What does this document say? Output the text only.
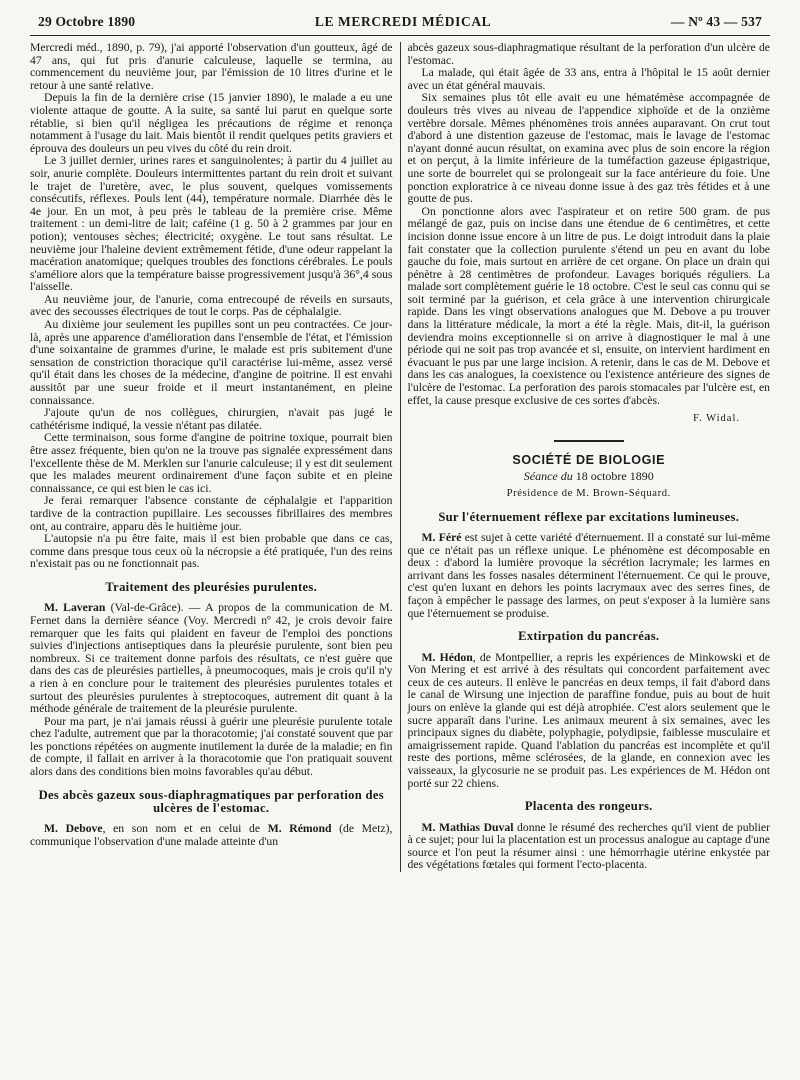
29 Octobre 1890	LE MERCREDI MÉDICAL	— Nº 43 — 537

Mercredi méd., 1890, p. 79), j'ai apporté l'observation d'un goutteux, âgé de 47 ans, qui fut pris d'anurie calculeuse, laquelle se termina, au commencement du neuvième jour, par l'émission de 10 litres d'urine et le retour à une santé relative.

Depuis la fin de la dernière crise (15 janvier 1890), le malade a eu une violente attaque de goutte. A la suite, sa santé lui parut en quelque sorte rétablie, si bien qu'il négligea les précautions de régime et renonça notamment à l'usage du lait. Mais bientôt il rendit quelques petits graviers et éprouva des douleurs un peu vives du côté du rein droit.

Le 3 juillet dernier, urines rares et sanguinolentes; à partir du 4 juillet au soir, anurie complète. Douleurs intermittentes partant du rein droit et suivant le trajet de l'uretère, avec, le plus souvent, quelques vomissements consécutifs, réflexes. Pouls lent (44), température normale. Diarrhée dès le 4e jour. En un mot, à peu près le tableau de la première crise. Même traitement : un demi-litre de lait; caféine (1 g. 50 à 2 grammes par jour en potion); ventouses sèches; électricité; oxygène. Le tout sans résultat. Le neuvième jour l'haleine devient extrêmement fétide, d'une odeur rappelant la macération anatomique; quelques troubles des fonctions cérébrales. Le pouls s'améliore alors que la température baisse progressivement jusqu'à 36°,4 sous l'aisselle.

Au neuvième jour, de l'anurie, coma entrecoupé de réveils en sursauts, avec des secousses électriques de tout le corps. Pas de céphalalgie.

Au dixième jour seulement les pupilles sont un peu contractées. Ce jour-là, après une apparence d'amélioration dans l'ensemble de l'état, et l'émission d'une soixantaine de grammes d'urine, le malade est pris subitement d'une sensation de constriction thoracique qu'il caractérise lui-même, assez versé qu'il était dans les choses de la médecine, d'angine de poitrine. Il est envahi aussitôt par une sueur froide et il meurt instantanément, en pleine connaissance.

J'ajoute qu'un de nos collègues, chirurgien, n'avait pas jugé le cathétérisme indiqué, la vessie n'étant pas dilatée.

Cette terminaison, sous forme d'angine de poitrine toxique, pourrait bien être assez fréquente, bien qu'on ne la trouve pas signalée expressément dans l'excellente thèse de M. Merklen sur l'anurie calculeuse; il y est dit seulement que les malades meurent ordinairement d'une façon subite et en pleine connaissance, ce qui est bien le cas ici.

Je ferai remarquer l'absence constante de céphalalgie et l'apparition tardive de la contraction pupillaire. Les secousses fibrillaires des membres ont, au contraire, apparu dès le huitième jour.

L'autopsie n'a pu être faite, mais il est bien probable que dans ce cas, comme dans presque tous ceux où la nécropsie a été pratiquée, l'un des reins n'existait pas ou ne fonctionnait pas.

Traitement des pleurésies purulentes.

M. Laveran (Val-de-Grâce). — A propos de la communication de M. Fernet dans la dernière séance (Voy. Mercredi nº 42, je crois devoir faire remarquer que les faits qui plaident en faveur de l'emploi des ponctions suivies d'injections antiseptiques dans la pleurésie purulente, sont bien peu nombreux. Si ce traitement donne parfois des résultats, ce n'est guère que dans des cas de pleurésies partielles, à pneumocoques, mais je crois qu'il n'y a rien à en conclure pour le traitement des pleurésies purulentes totales et surtout des pleurésies purulentes à streptocoques, autrement dit quant à la méthode générale de traitement de la pleurésie purulente.

Pour ma part, je n'ai jamais réussi à guérir une pleurésie purulente totale chez l'adulte, autrement que par la thoracotomie; j'ai constaté souvent que par les ponctions répétées on augmente inutilement la durée de la maladie; en fin de compte, il fallait en arriver à la thoracotomie que l'on pratiquait souvent alors dans des conditions bien moins favorables qu'au début.

Des abcès gazeux sous-diaphragmatiques par perforation des ulcères de l'estomac.

M. Debove, en son nom et en celui de M. Rémond (de Metz), communique l'observation d'une malade atteinte d'un

abcès gazeux sous-diaphragmatique résultant de la perforation d'un ulcère de l'estomac.

La malade, qui était âgée de 33 ans, entra à l'hôpital le 15 août dernier avec un état général mauvais.

Six semaines plus tôt elle avait eu une hématémèse accompagnée de douleurs très vives au niveau de l'appendice xiphoïde et de la onzième vertèbre dorsale. Mêmes phénomènes trois années auparavant. On crut tout d'abord à une distention gazeuse de l'estomac, mais le lavage de l'estomac n'ayant donné aucun résultat, on examina avec plus de soin encore la région et on perçut, à la limite inférieure de la tuméfaction gazeuse épigastrique, une sorte de bourrelet qui se prolongeait sur la face antérieure du foie. Une ponction exploratrice à ce niveau donne issue à des gaz très fétides et à une goutte de pus.

On ponctionne alors avec l'aspirateur et on retire 500 gram. de pus mélangé de gaz, puis on incise dans une étendue de 6 centimètres, et cette incision donne issue encore à un litre de pus. Le doigt introduit dans la plaie fait constater que la collection purulente s'étend un peu en avant du lobe gauche du foie, mais surtout en arrière de cet organe. On place un drain qui pénètre à 28 centimètres de profondeur. Lavages boriqués réguliers. La malade sort complètement guérie le 18 octobre. C'est le seul cas connu qui se soit terminé par la guérison, et cela grâce à une intervention chirurgicale rapide. Dans les vingt observations analogues que M. Debove a pu trouver dans la littérature médicale, la mort a été la règle. Mais, dit-il, la guérison deviendra moins exceptionnelle si on arrive à diagnostiquer le mal à une période qui ne soit pas trop avancée et si, ensuite, on intervient hardiment en évacuant le pus par une large incision. A retenir, dans le cas de M. Debove et dans les cas analogues, la coexistence ou l'existence antérieure des signes de l'ulcère de l'estomac. La perforation des parois stomacales par l'ulcère est, en effet, la cause presque exclusive de ces sortes d'abcès.

F. Widal.
SOCIÉTÉ DE BIOLOGIE
Séance du 18 octobre 1890
Présidence de M. Brown-Séquard.
Sur l'éternuement réflexe par excitations lumineuses.

M. Féré est sujet à cette variété d'éternuement. Il a constaté sur lui-même que ce n'était pas un réflexe unique. Le phénomène est décomposable en deux : d'abord la lumière provoque la sécrétion lacrymale; les larmes en arrivant dans les fosses nasales déterminent l'éternuement. Ce qui le prouve, c'est qu'en luxant en dehors les points lacrymaux avec des serres fines, de façon à empêcher le passage des larmes, on peut s'exposer à la lumière sans que l'éternuement se produise.

Extirpation du pancréas.

M. Hédon, de Montpellier, a repris les expériences de Minkowski et de Von Mering et est arrivé à des résultats qui concordent parfaitement avec ceux de ces auteurs. Il enlève le pancréas en deux temps, il fait d'abord dans le canal de Wirsung une injection de paraffine fondue, puis au bout de huit jours on enlève la glande qui est déjà atrophiée. C'est alors seulement que le sucre apparaît dans l'urine. Les animaux meurent à six semaines, avec les principaux signes du diabète, polyphagie, polydipsie, faiblesse musculaire et amaigrissement rapide. Quand l'ablation du pancréas est incomplète et qu'il reste des portions, même sclérosées, de la glande, en connexion avec les vaisseaux, la glycosurie ne se produit pas. Les expériences de M. Hédon ont porté sur 22 chiens.

Placenta des rongeurs.

M. Mathias Duval donne le résumé des recherches qu'il vient de publier à ce sujet; pour lui la placentation est un processus analogue au captage d'une source et l'on peut la résumer ainsi : une hémorrhagie utérine enkystée par des végétations fœtales qui forment l'ecto-placenta.
